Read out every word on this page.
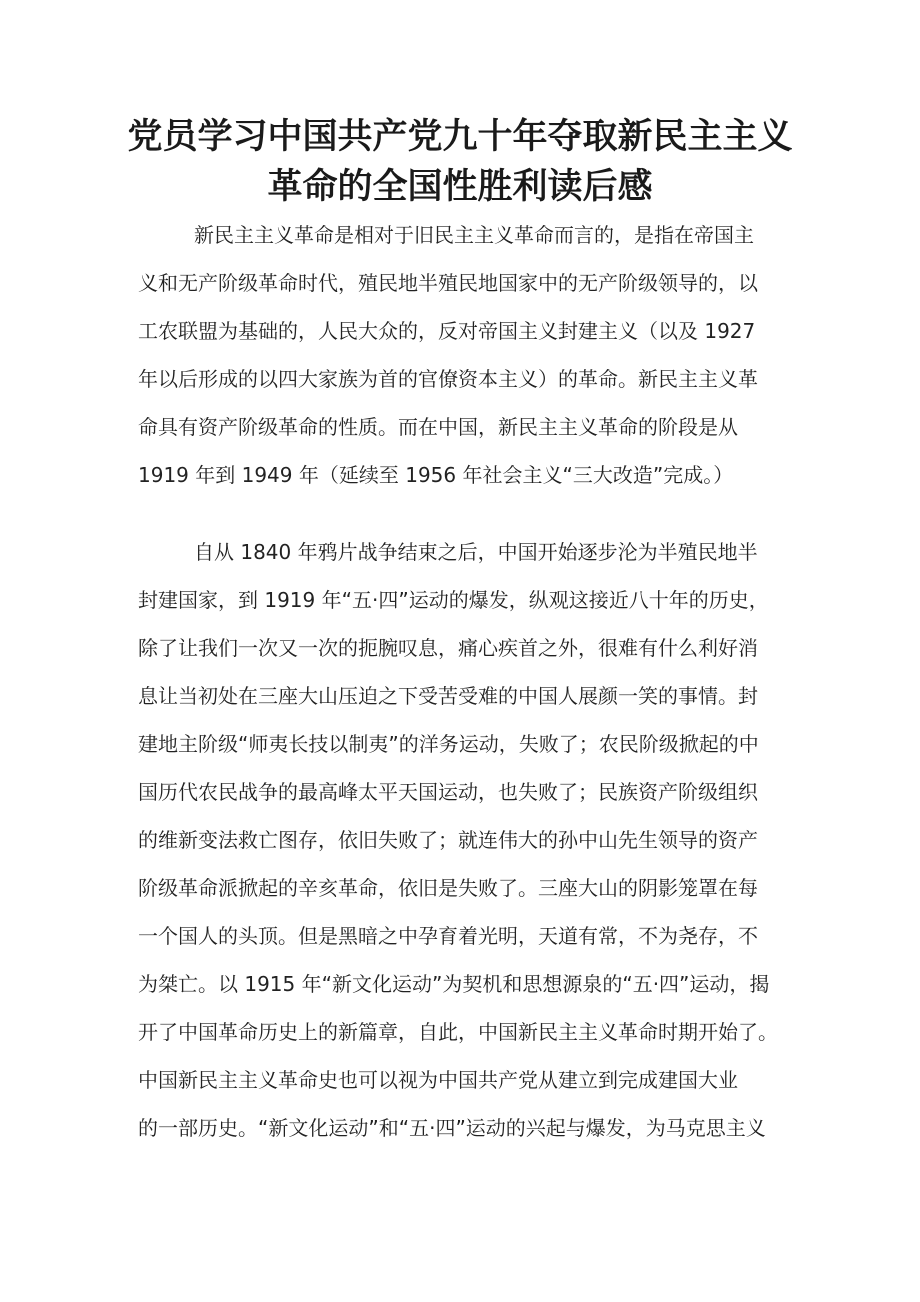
党员学习中国共产党九十年夺取新民主主义
革命的全国性胜利读后感
新民主主义革命是相对于旧民主主义革命而言的，是指在帝国主
义和无产阶级革命时代，殖民地半殖民地国家中的无产阶级领导的，以
工农联盟为基础的，人民大众的，反对帝国主义封建主义（以及 1927
年以后形成的以四大家族为首的官僚资本主义）的革命。新民主主义革
命具有资产阶级革命的性质。而在中国，新民主主义革命的阶段是从
1919 年到 1949 年（延续至 1956 年社会主义“三大改造”完成。）
自从 1840 年鸦片战争结束之后，中国开始逐步沦为半殖民地半
封建国家，到 1919 年“五·四”运动的爆发，纵观这接近八十年的历史，
除了让我们一次又一次的扼腕叹息，痛心疾首之外，很难有什么利好消
息让当初处在三座大山压迫之下受苦受难的中国人展颜一笑的事情。封
建地主阶级“师夷长技以制夷”的洋务运动，失败了；农民阶级掀起的中
国历代农民战争的最高峰太平天国运动，也失败了；民族资产阶级组织
的维新变法救亡图存，依旧失败了；就连伟大的孙中山先生领导的资产
阶级革命派掀起的辛亥革命，依旧是失败了。三座大山的阴影笼罩在每
一个国人的头顶。但是黑暗之中孕育着光明，天道有常，不为尧存，不
为桀亡。以 1915 年“新文化运动”为契机和思想源泉的“五·四”运动，揭
开了中国革命历史上的新篇章，自此，中国新民主主义革命时期开始了。
中国新民主主义革命史也可以视为中国共产党从建立到完成建国大业
的一部历史。“新文化运动”和“五·四”运动的兴起与爆发，为马克思主义
